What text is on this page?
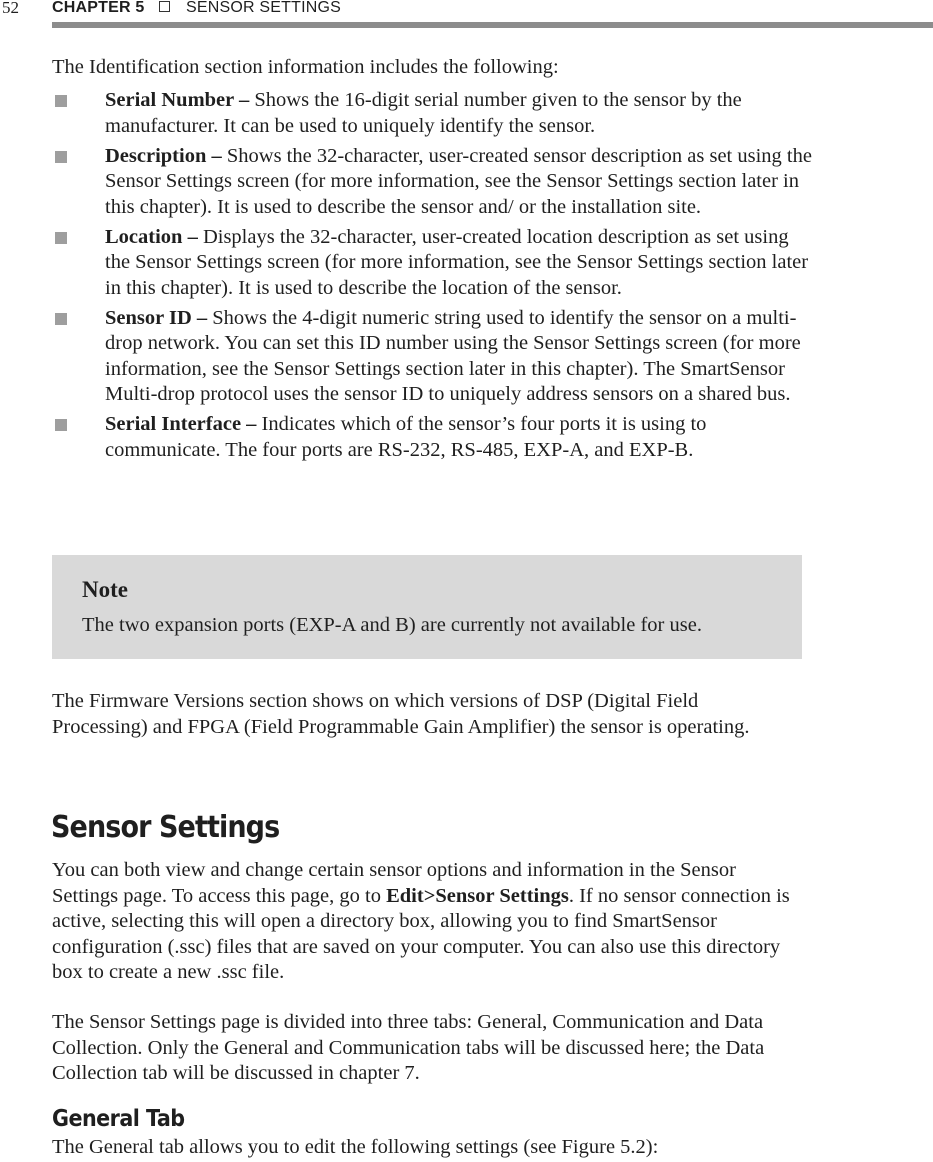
52 CHAPTER 5	SENSOR SETTINGS
The Identification section information includes the following:
Serial Number – Shows the 16-digit serial number given to the sensor by the manufacturer. It can be used to uniquely identify the sensor.
Description – Shows the 32-character, user-created sensor description as set using the Sensor Settings screen (for more information, see the Sensor Settings section later in this chapter). It is used to describe the sensor and/ or the installation site.
Location – Displays the 32-character, user-created location description as set using the Sensor Settings screen (for more information, see the Sensor Settings section later in this chapter). It is used to describe the location of the sensor.
Sensor ID – Shows the 4-digit numeric string used to identify the sensor on a multi-drop network. You can set this ID number using the Sensor Settings screen (for more information, see the Sensor Settings section later in this chapter). The SmartSensor Multi-drop protocol uses the sensor ID to uniquely address sensors on a shared bus.
Serial Interface – Indicates which of the sensor’s four ports it is using to communicate. The four ports are RS-232, RS-485, EXP-A, and EXP-B.
Note
The two expansion ports (EXP-A and B) are currently not available for use.
The Firmware Versions section shows on which versions of DSP (Digital Field Processing) and FPGA (Field Programmable Gain Amplifier) the sensor is operating.
Sensor Settings
You can both view and change certain sensor options and information in the Sensor Settings page. To access this page, go to Edit>Sensor Settings. If no sensor connection is active, selecting this will open a directory box, allowing you to find SmartSensor configuration (.ssc) files that are saved on your computer. You can also use this directory box to create a new .ssc file.
The Sensor Settings page is divided into three tabs: General, Communication and Data Collection. Only the General and Communication tabs will be discussed here; the Data Collection tab will be discussed in chapter 7.
General Tab
The General tab allows you to edit the following settings (see Figure 5.2):
